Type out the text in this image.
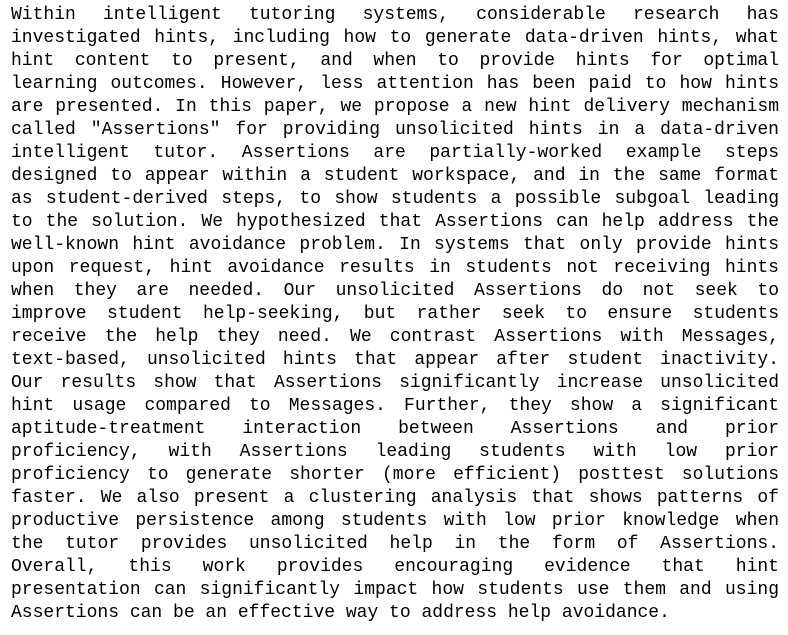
Within intelligent tutoring systems, considerable research has
investigated hints, including how to generate data-driven hints, what
hint content to present, and when to provide hints for optimal
learning outcomes. However, less attention has been paid to how hints
are presented. In this paper, we propose a new hint delivery mechanism
called "Assertions" for providing unsolicited hints in a data-driven
intelligent tutor. Assertions are partially-worked example steps
designed to appear within a student workspace, and in the same format
as student-derived steps, to show students a possible subgoal leading
to the solution. We hypothesized that Assertions can help address the
well-known hint avoidance problem. In systems that only provide hints
upon request, hint avoidance results in students not receiving hints
when they are needed. Our unsolicited Assertions do not seek to
improve student help-seeking, but rather seek to ensure students
receive the help they need. We contrast Assertions with Messages,
text-based, unsolicited hints that appear after student inactivity.
Our results show that Assertions significantly increase unsolicited
hint usage compared to Messages. Further, they show a significant
aptitude-treatment interaction between Assertions and prior
proficiency, with Assertions leading students with low prior
proficiency to generate shorter (more efficient) posttest solutions
faster. We also present a clustering analysis that shows patterns of
productive persistence among students with low prior knowledge when
the tutor provides unsolicited help in the form of Assertions.
Overall, this work provides encouraging evidence that hint
presentation can significantly impact how students use them and using
Assertions can be an effective way to address help avoidance.
